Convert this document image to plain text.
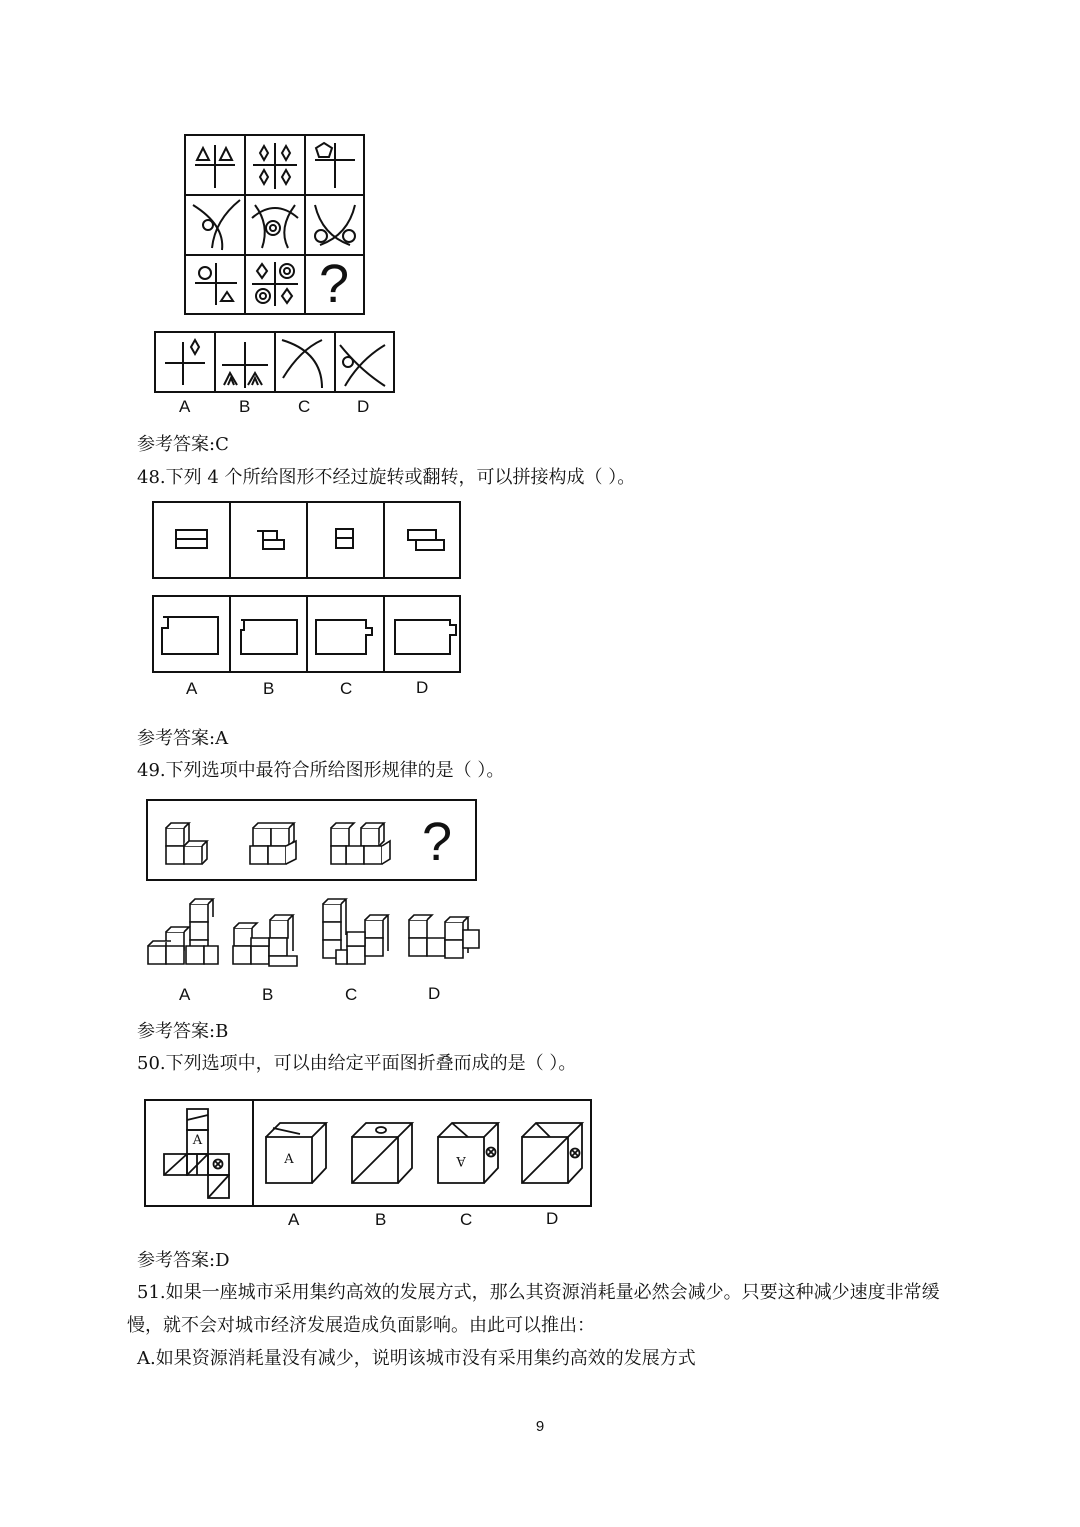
?
A	B	C	D
参考答案:C
48.下列 4 个所给图形不经过旋转或翻转，可以拼接构成（ ）。
A	B	C	D
参考答案:A
49.下列选项中最符合所给图形规律的是（ ）。
?
A	B	C	D
参考答案:B
50.下列选项中，可以由给定平面图折叠而成的是（ ）。
A
A	A
A	B	C	D
参考答案:D
51.如果一座城市采用集约高效的发展方式，那么其资源消耗量必然会减少。只要这种减少速度非常缓
慢，就不会对城市经济发展造成负面影响。由此可以推出：
A.如果资源消耗量没有减少，说明该城市没有采用集约高效的发展方式
9
